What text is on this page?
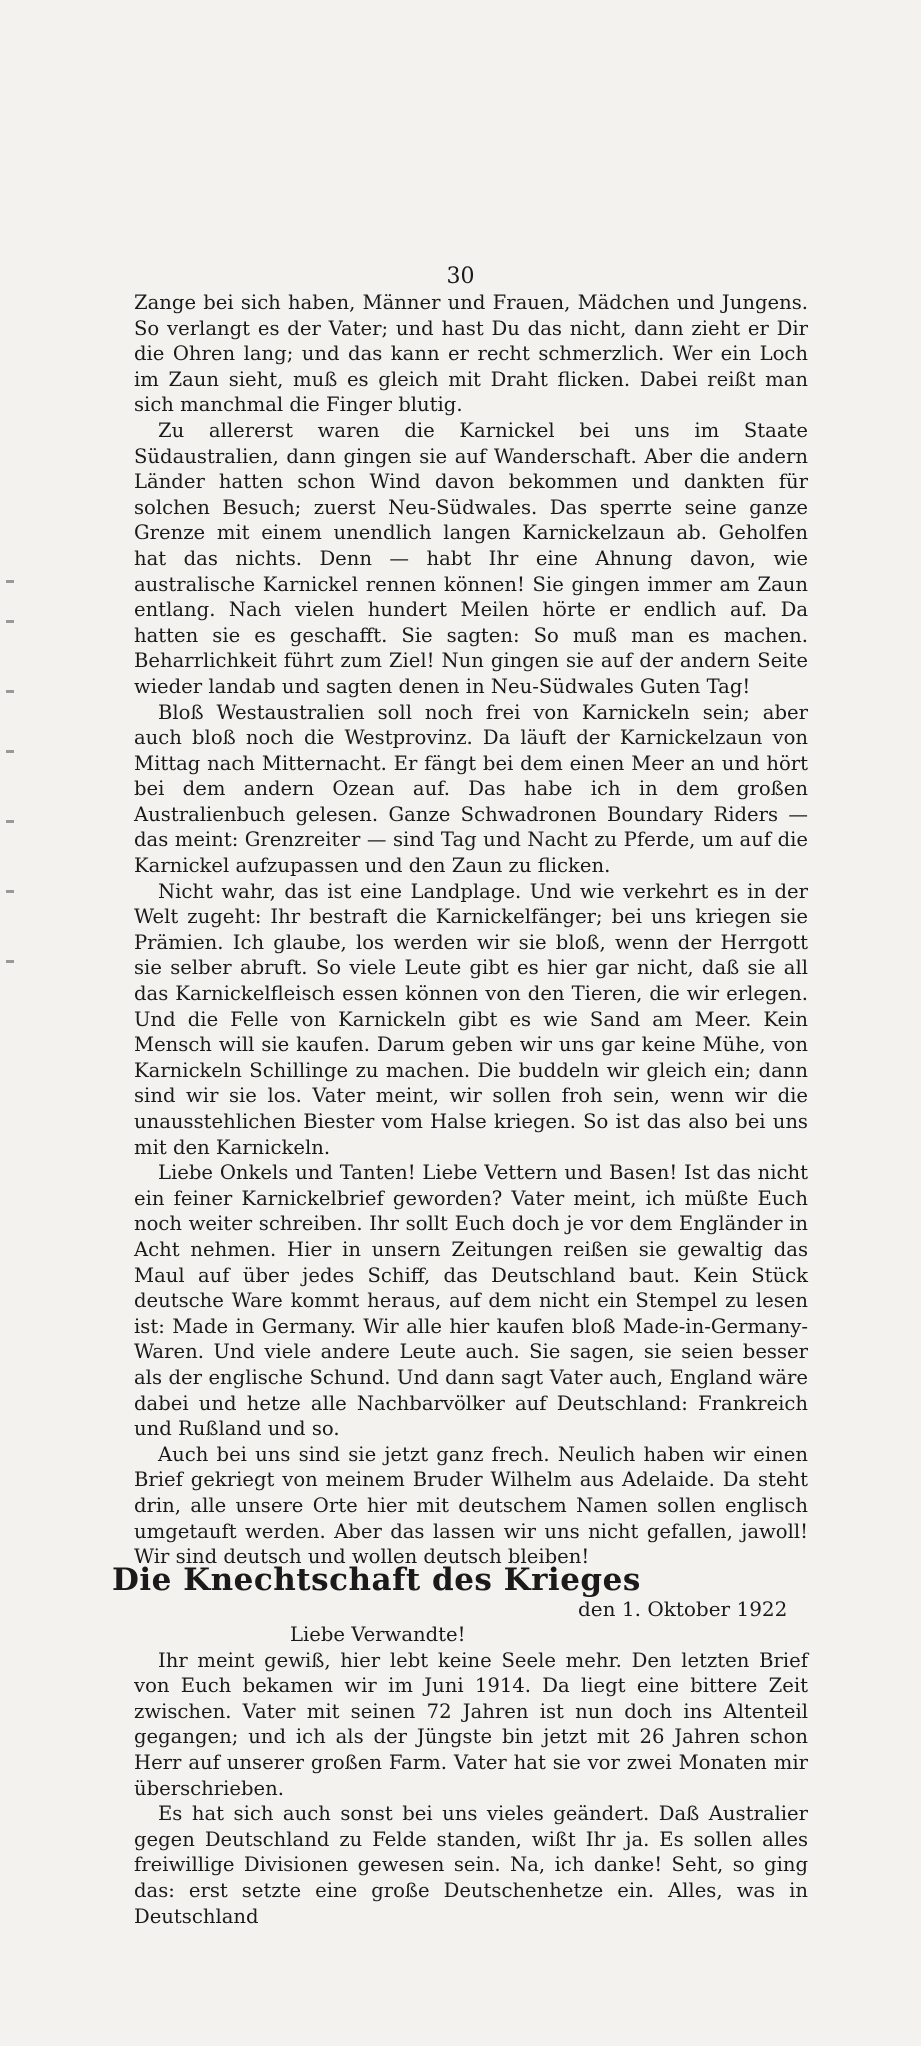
30

Zange bei sich haben, Männer und Frauen, Mädchen und Jungens. So verlangt es der Vater; und hast Du das nicht, dann zieht er Dir die Ohren lang; und das kann er recht schmerzlich. Wer ein Loch im Zaun sieht, muß es gleich mit Draht flicken. Dabei reißt man sich manchmal die Finger blutig.

Zu allererst waren die Karnickel bei uns im Staate Südaustralien, dann gingen sie auf Wanderschaft. Aber die andern Länder hatten schon Wind davon bekommen und dankten für solchen Besuch; zuerst Neu-Südwales. Das sperrte seine ganze Grenze mit einem unendlich langen Karnickelzaun ab. Geholfen hat das nichts. Denn — habt Ihr eine Ahnung davon, wie australische Karnickel rennen können! Sie gingen immer am Zaun entlang. Nach vielen hundert Meilen hörte er endlich auf. Da hatten sie es geschafft. Sie sagten: So muß man es machen. Beharrlichkeit führt zum Ziel! Nun gingen sie auf der andern Seite wieder landab und sagten denen in Neu-Südwales Guten Tag!

Bloß Westaustralien soll noch frei von Karnickeln sein; aber auch bloß noch die Westprovinz. Da läuft der Karnickelzaun von Mittag nach Mitternacht. Er fängt bei dem einen Meer an und hört bei dem andern Ozean auf. Das habe ich in dem großen Australienbuch gelesen. Ganze Schwadronen Boundary Riders — das meint: Grenzreiter — sind Tag und Nacht zu Pferde, um auf die Karnickel aufzupassen und den Zaun zu flicken.

Nicht wahr, das ist eine Landplage. Und wie verkehrt es in der Welt zugeht: Ihr bestraft die Karnickelfänger; bei uns kriegen sie Prämien. Ich glaube, los werden wir sie bloß, wenn der Herrgott sie selber abruft. So viele Leute gibt es hier gar nicht, daß sie all das Karnickelfleisch essen können von den Tieren, die wir erlegen. Und die Felle von Karnickeln gibt es wie Sand am Meer. Kein Mensch will sie kaufen. Darum geben wir uns gar keine Mühe, von Karnickeln Schillinge zu machen. Die buddeln wir gleich ein; dann sind wir sie los. Vater meint, wir sollen froh sein, wenn wir die unausstehlichen Biester vom Halse kriegen. So ist das also bei uns mit den Karnickeln.

Liebe Onkels und Tanten! Liebe Vettern und Basen! Ist das nicht ein feiner Karnickelbrief geworden? Vater meint, ich müßte Euch noch weiter schreiben. Ihr sollt Euch doch je vor dem Engländer in Acht nehmen. Hier in unsern Zeitungen reißen sie gewaltig das Maul auf über jedes Schiff, das Deutschland baut. Kein Stück deutsche Ware kommt heraus, auf dem nicht ein Stempel zu lesen ist: Made in Germany. Wir alle hier kaufen bloß Made-in-Germany-Waren. Und viele andere Leute auch. Sie sagen, sie seien besser als der englische Schund. Und dann sagt Vater auch, England wäre dabei und hetze alle Nachbarvölker auf Deutschland: Frankreich und Rußland und so.

Auch bei uns sind sie jetzt ganz frech. Neulich haben wir einen Brief gekriegt von meinem Bruder Wilhelm aus Adelaide. Da steht drin, alle unsere Orte hier mit deutschem Namen sollen englisch umgetauft werden. Aber das lassen wir uns nicht gefallen, jawoll! Wir sind deutsch und wollen deutsch bleiben!

Die Knechtschaft des Krieges
den 1. Oktober 1922

Liebe Verwandte!

Ihr meint gewiß, hier lebt keine Seele mehr. Den letzten Brief von Euch bekamen wir im Juni 1914. Da liegt eine bittere Zeit zwischen. Vater mit seinen 72 Jahren ist nun doch ins Altenteil gegangen; und ich als der Jüngste bin jetzt mit 26 Jahren schon Herr auf unserer großen Farm. Vater hat sie vor zwei Monaten mir überschrieben.

Es hat sich auch sonst bei uns vieles geändert. Daß Australier gegen Deutschland zu Felde standen, wißt Ihr ja. Es sollen alles freiwillige Divisionen gewesen sein. Na, ich danke! Seht, so ging das: erst setzte eine große Deutschenhetze ein. Alles, was in Deutschland
